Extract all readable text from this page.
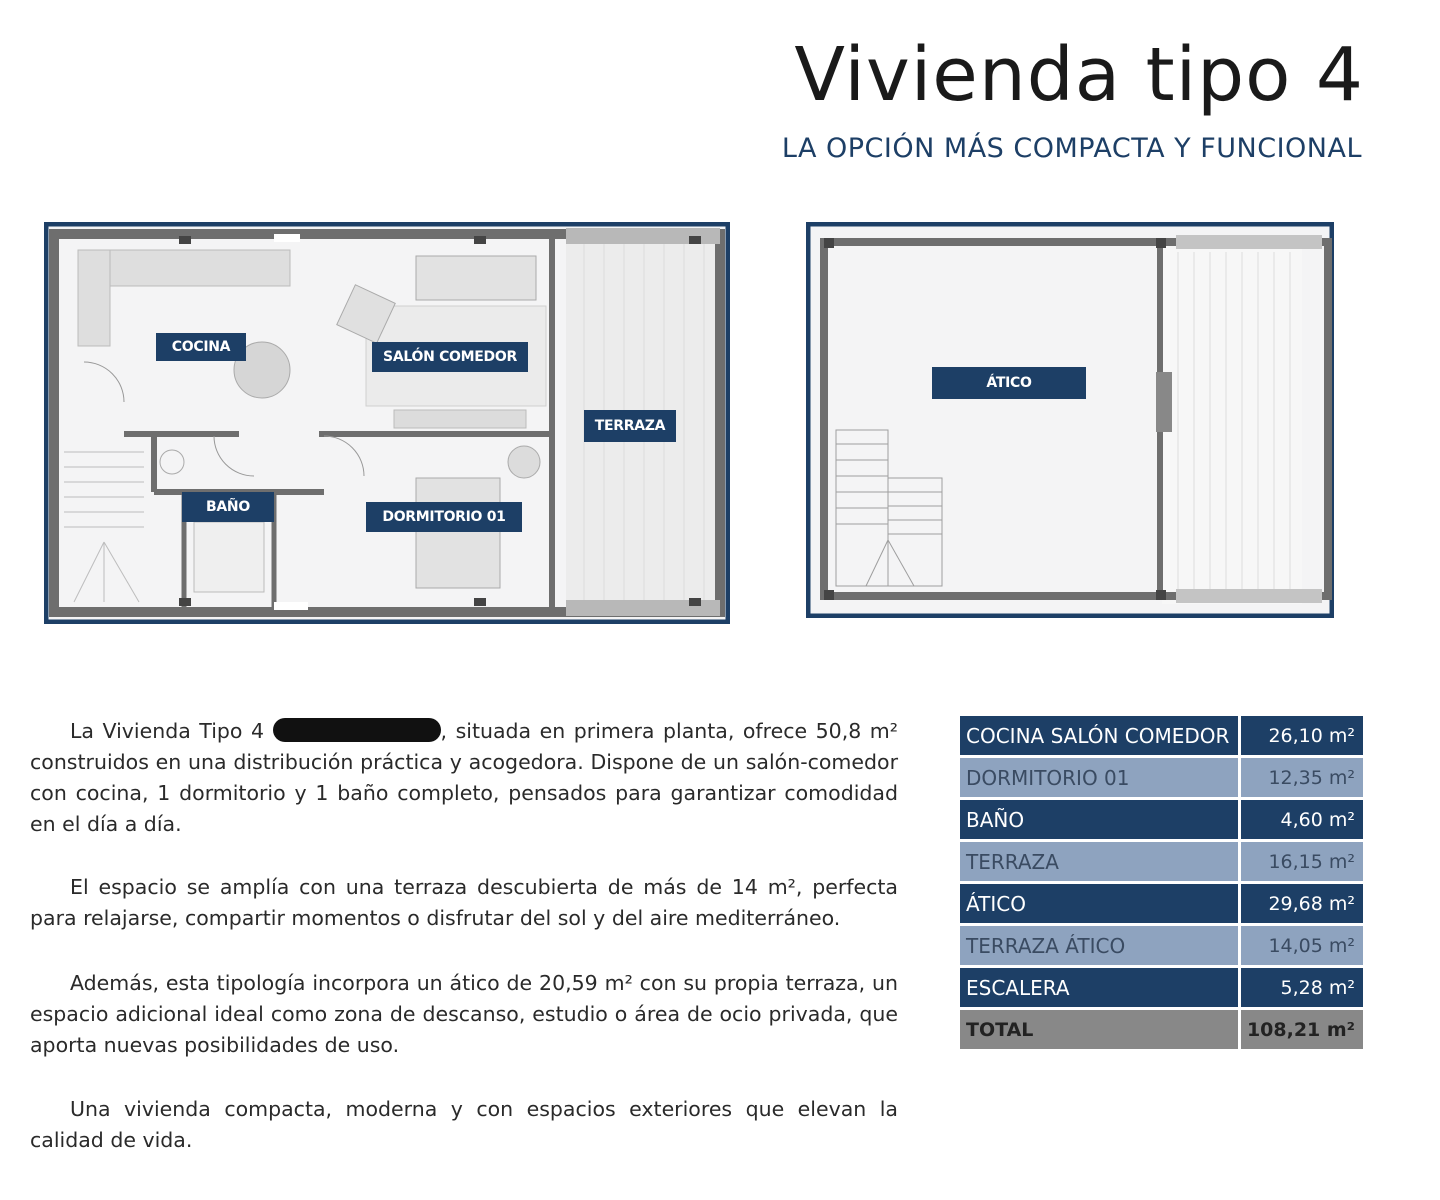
Vivienda tipo 4
LA OPCIÓN MÁS COMPACTA Y FUNCIONAL
COCINA
SALÓN COMEDOR
TERRAZA
BAÑO
DORMITORIO 01
ÁTICO

La Vivienda Tipo 4	, situada en primera planta, ofrece 50,8 m² construidos en una distribución práctica y acogedora. Dispone de un salón-comedor con cocina, 1 dormitorio y 1 baño completo, pensados para garantizar comodidad en el día a día.

El espacio se amplía con una terraza descubierta de más de 14 m², perfecta para relajarse, compartir momentos o disfrutar del sol y del aire mediterráneo.

Además, esta tipología incorpora un ático de 20,59 m² con su propia terraza, un espacio adicional ideal como zona de descanso, estudio o área de ocio privada, que aporta nuevas posibilidades de uso.

Una vivienda compacta, moderna y con espacios exteriores que elevan la calidad de vida.

COCINA SALÓN COMEDOR	26,10 m²
DORMITORIO 01	12,35 m²
BAÑO	4,60 m²
TERRAZA	16,15 m²
ÁTICO	29,68 m²
TERRAZA ÁTICO	14,05 m²
ESCALERA	5,28 m²
TOTAL	108,21 m²
